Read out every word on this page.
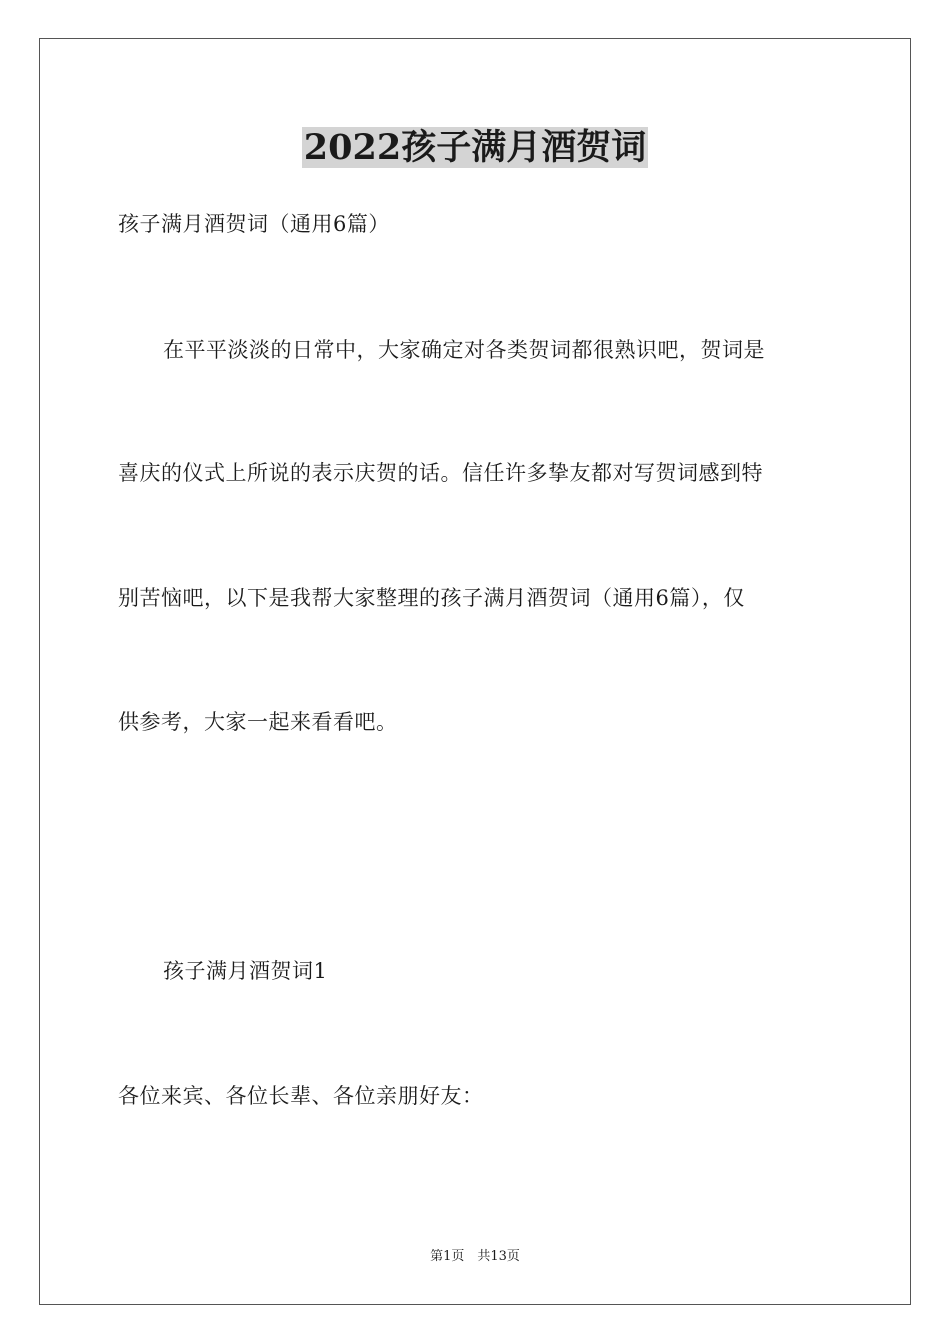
2022孩子满月酒贺词
孩子满月酒贺词（通用6篇）
在平平淡淡的日常中，大家确定对各类贺词都很熟识吧，贺词是
喜庆的仪式上所说的表示庆贺的话。信任许多挚友都对写贺词感到特
别苦恼吧，以下是我帮大家整理的孩子满月酒贺词（通用6篇），仅
供参考，大家一起来看看吧。
孩子满月酒贺词1
各位来宾、各位长辈、各位亲朋好友：
第1页　共13页
